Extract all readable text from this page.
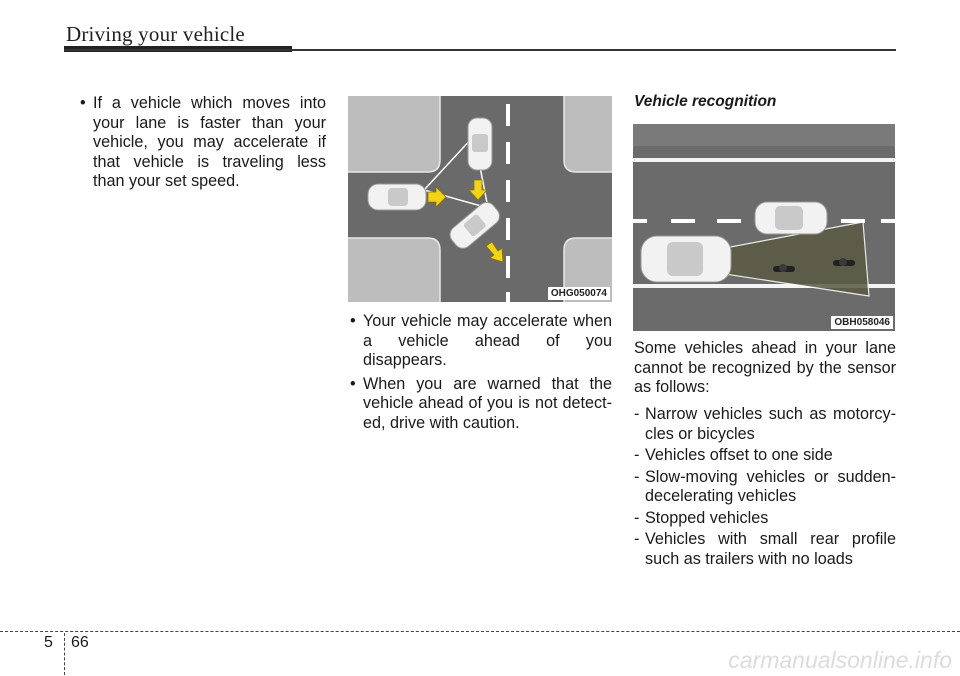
Driving your vehicle
• If a vehicle which moves into your lane is faster than your vehicle, you may accelerate if that vehicle is traveling less than your set speed.
OHG050074
• Your vehicle may accelerate when a vehicle ahead of you disappears.
• When you are warned that the vehicle ahead of you is not detect- ed, drive with caution.
Vehicle recognition
OBH058046

Some vehicles ahead in your lane cannot be recognized by the sensor as follows:

- Narrow vehicles such as motorcy- cles or bicycles
- Vehicles offset to one side
- Slow-moving vehicles or sudden- decelerating vehicles
- Stopped vehicles
- Vehicles with small rear profile such as trailers with no loads
5 66
carmanualsonline.info
